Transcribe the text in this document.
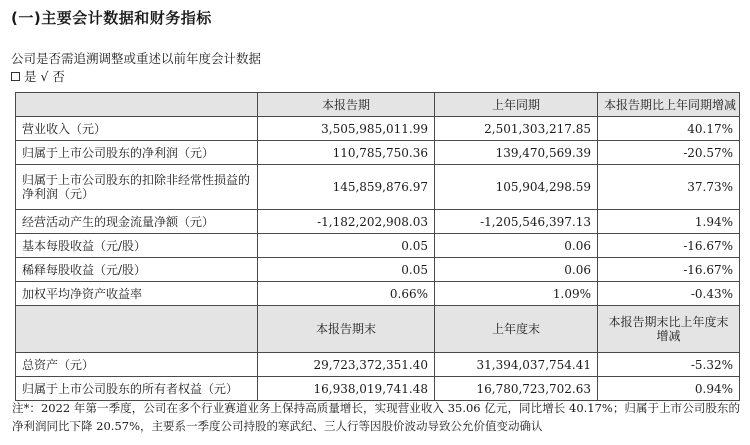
(一)主要会计数据和财务指标
公司是否需追溯调整或重述以前年度会计数据
是 √ 否
	本报告期	上年同期	本报告期比上年同期增减
营业收入（元）	3,505,985,011.99	2,501,303,217.85	40.17%
归属于上市公司股东的净利润（元）	110,785,750.36	139,470,569.39	-20.57%
归属于上市公司股东的扣除非经常性损益的净利润（元）	145,859,876.97	105,904,298.59	37.73%
经营活动产生的现金流量净额（元）	-1,182,202,908.03	-1,205,546,397.13	1.94%
基本每股收益（元/股）	0.05	0.06	-16.67%
稀释每股收益（元/股）	0.05	0.06	-16.67%
加权平均净资产收益率	0.66%	1.09%	-0.43%
	本报告期末	上年度末	本报告期末比上年度末增减
总资产（元）	29,723,372,351.40	31,394,037,754.41	-5.32%
归属于上市公司股东的所有者权益（元）	16,938,019,741.48	16,780,723,702.63	0.94%
注*：2022 年第一季度，公司在多个行业赛道业务上保持高质量增长，实现营业收入 35.06 亿元，同比增长 40.17%；归属于上市公司股东的净利润同比下降 20.57%，主要系一季度公司持股的寒武纪、三人行等因股价波动导致公允价值变动确认
